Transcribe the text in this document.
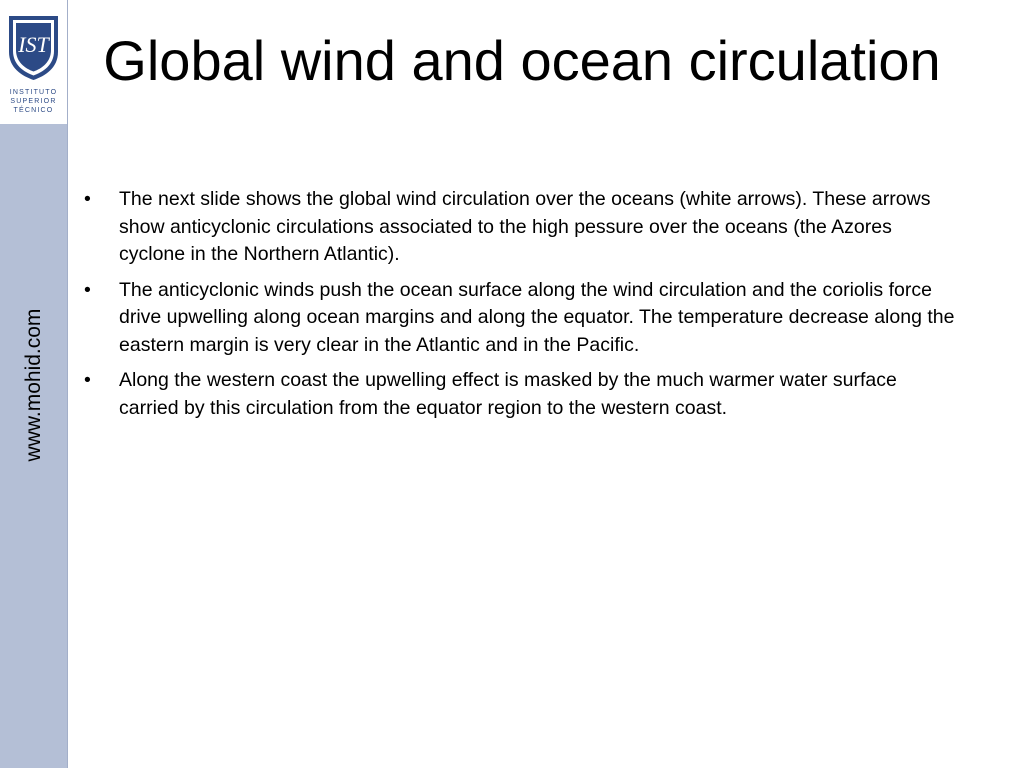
IST
INSTITUTO
SUPERIOR
TÉCNICO
www.mohid.com
Global wind and ocean circulation
• The next slide shows the global wind circulation over the oceans (white arrows). These arrows show anticyclonic circulations associated to the high pessure over the oceans (the Azores cyclone in the Northern Atlantic).
• The anticyclonic winds push the ocean surface along the wind circulation and the coriolis force drive upwelling along ocean margins and along the equator. The temperature decrease along the eastern margin is very clear in the Atlantic and in the Pacific.
• Along the western coast the upwelling effect is masked by the much warmer water surface carried by this circulation from the equator region to the western coast.
